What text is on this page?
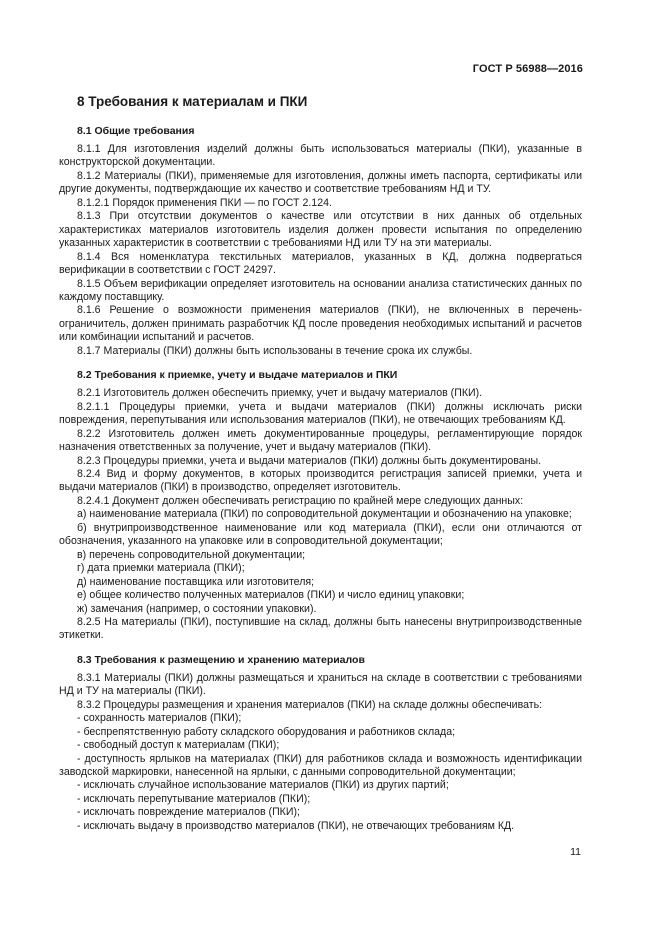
ГОСТ Р 56988—2016
8 Требования к материалам и ПКИ
8.1 Общие требования

8.1.1 Для изготовления изделий должны быть использоваться материалы (ПКИ), указанные в конструкторской документации.

8.1.2 Материалы (ПКИ), применяемые для изготовления, должны иметь паспорта, сертификаты или другие документы, подтверждающие их качество и соответствие требованиям НД и ТУ.

8.1.2.1 Порядок применения ПКИ — по ГОСТ 2.124.

8.1.3 При отсутствии документов о качестве или отсутствии в них данных об отдельных характеристиках материалов изготовитель изделия должен провести испытания по определению указанных характеристик в соответствии с требованиями НД или ТУ на эти материалы.

8.1.4 Вся номенклатура текстильных материалов, указанных в КД, должна подвергаться верификации в соответствии с ГОСТ 24297.

8.1.5 Объем верификации определяет изготовитель на основании анализа статистических данных по каждому поставщику.

8.1.6 Решение о возможности применения материалов (ПКИ), не включенных в перечень-ограничитель, должен принимать разработчик КД после проведения необходимых испытаний и расчетов или комбинации испытаний и расчетов.

8.1.7 Материалы (ПКИ) должны быть использованы в течение срока их службы.

8.2 Требования к приемке, учету и выдаче материалов и ПКИ

8.2.1 Изготовитель должен обеспечить приемку, учет и выдачу материалов (ПКИ).

8.2.1.1 Процедуры приемки, учета и выдачи материалов (ПКИ) должны исключать риски повреждения, перепутывания или использования материалов (ПКИ), не отвечающих требованиям КД.

8.2.2 Изготовитель должен иметь документированные процедуры, регламентирующие порядок назначения ответственных за получение, учет и выдачу материалов (ПКИ).

8.2.3 Процедуры приемки, учета и выдачи материалов (ПКИ) должны быть документированы.

8.2.4 Вид и форму документов, в которых производится регистрация записей приемки, учета и выдачи материалов (ПКИ) в производство, определяет изготовитель.

8.2.4.1 Документ должен обеспечивать регистрацию по крайней мере следующих данных:

а) наименование материала (ПКИ) по сопроводительной документации и обозначению на упаковке;

б) внутрипроизводственное наименование или код материала (ПКИ), если они отличаются от обозначения, указанного на упаковке или в сопроводительной документации;

в) перечень сопроводительной документации;

г) дата приемки материала (ПКИ);

д) наименование поставщика или изготовителя;

е) общее количество полученных материалов (ПКИ) и число единиц упаковки;

ж) замечания (например, о состоянии упаковки).

8.2.5 На материалы (ПКИ), поступившие на склад, должны быть нанесены внутрипроизводственные этикетки.

8.3 Требования к размещению и хранению материалов

8.3.1 Материалы (ПКИ) должны размещаться и храниться на складе в соответствии с требованиями НД и ТУ на материалы (ПКИ).

8.3.2 Процедуры размещения и хранения материалов (ПКИ) на складе должны обеспечивать:

- сохранность материалов (ПКИ);

- беспрепятственную работу складского оборудования и работников склада;

- свободный доступ к материалам (ПКИ);

- доступность ярлыков на материалах (ПКИ) для работников склада и возможность идентификации заводской маркировки, нанесенной на ярлыки, с данными сопроводительной документации;

- исключать случайное использование материалов (ПКИ) из других партий;

- исключать перепутывание материалов (ПКИ);

- исключать повреждение материалов (ПКИ);

- исключать выдачу в производство материалов (ПКИ), не отвечающих требованиям КД.

11
